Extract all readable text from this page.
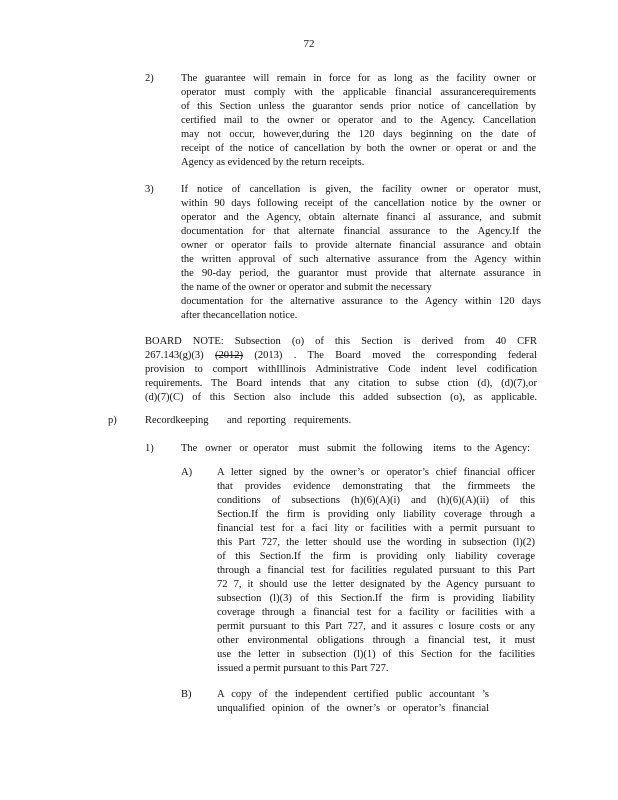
72
2)	The guarantee will remain in force for as long as the facility owner or
operator must comply with the applicable financial assurancerequirements
of this Section unless the guarantor sends prior notice of cancellation by
certified mail to the owner or operator and to the Agency. Cancellation
may not occur, however,during the 120 days beginning on the date of
receipt of the notice of cancellation by both the owner or operat or and the
Agency as evidenced by the return receipts.
3)	If notice of cancellation is given, the facility owner or operator must,
within 90 days following receipt of the cancellation notice by the owner or
operator and the Agency, obtain alternate financi al assurance, and submit
documentation for that alternate financial assurance to the Agency.If the
owner or operator fails to provide alternate financial assurance and obtain
the written approval of such alternative assurance from the Agency within
the 90-day period, the guarantor must provide that alternate assurance in
the name of the owner or operator and submit the necessary
documentation for the alternative assurance to the Agency within 120 days
after thecancellation notice.
BOARD NOTE: Subsection (o) of this Section is derived from 40 CFR
267.143(g)(3) (2012) (2013) . The Board moved the corresponding federal
provision to comport withIllinois Administrative Code indent level codification
requirements. The Board intends that any citation to subse ction (d), (d)(7),or
(d)(7)(C) of this Section also include this added subsection (o), as applicable.
p)	Recordkeeping       and  reporting   requirements.
1)	The   owner   or  operator    must   submit   the  following    items   to  the  Agency:
A) A letter signed by the owner’s or operator’s chief financial officer
that provides evidence demonstrating that the firmmeets the
conditions of subsections (h)(6)(A)(i) and (h)(6)(A)(ii) of this
Section.If the firm is providing only liability coverage through a
financial test for a faci lity or facilities with a permit pursuant to
this Part 727, the letter should use the wording in subsection (l)(2)
of this Section.If the firm is providing only liability coverage
through a financial test for facilities regulated pursuant to this Part
72 7, it should use the letter designated by the Agency pursuant to
subsection (l)(3) of this Section.If the firm is providing liability
coverage through a financial test for a facility or facilities with a
permit pursuant to this Part 727, and it assures c losure costs or any
other environmental obligations through a financial test, it must
use the letter in subsection (l)(1) of this Section for the facilities
issued a permit pursuant to this Part 727.
B) A copy of the independent certified public accountant ’s
unqualified opinion of the owner’s or operator’s financial
